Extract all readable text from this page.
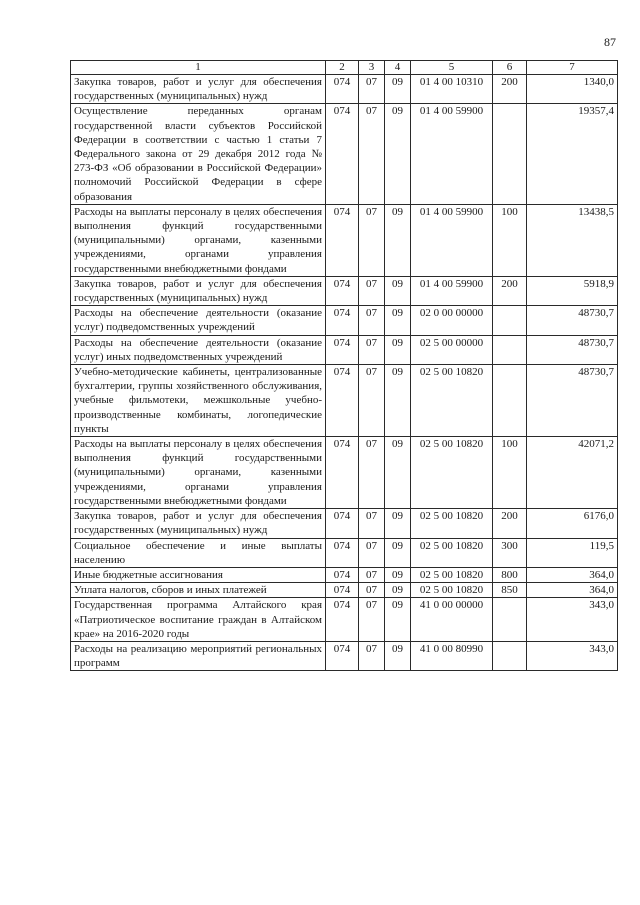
87
1	2	3	4	5	6	7
Закупка товаров, работ и услуг для обеспечения государственных (муниципальных) нужд	074	07	09	01 4 00 10310	200	1340,0
Осуществление переданных органам государственной власти субъектов Российской Федерации в соответствии с частью 1 статьи 7 Федерального закона от 29 декабря 2012 года № 273-ФЗ «Об образовании в Российской Федерации» полномочий Российской Федерации в сфере образования	074	07	09	01 4 00 59900		19357,4
Расходы на выплаты персоналу в целях обеспечения выполнения функций государственными (муниципальными) органами, казенными учреждениями, органами управления государственными внебюджетными фондами	074	07	09	01 4 00 59900	100	13438,5
Закупка товаров, работ и услуг для обеспечения государственных (муниципальных) нужд	074	07	09	01 4 00 59900	200	5918,9
Расходы на обеспечение деятельности (оказание услуг) подведомственных учреждений	074	07	09	02 0 00 00000		48730,7
Расходы на обеспечение деятельности (оказание услуг) иных подведомственных учреждений	074	07	09	02 5 00 00000		48730,7
Учебно-методические кабинеты, централизованные бухгалтерии, группы хозяйственного обслуживания, учебные фильмотеки, межшкольные учебно-производственные комбинаты, логопедические пункты	074	07	09	02 5 00 10820		48730,7
Расходы на выплаты персоналу в целях обеспечения выполнения функций государственными (муниципальными) органами, казенными учреждениями, органами управления государственными внебюджетными фондами	074	07	09	02 5 00 10820	100	42071,2
Закупка товаров, работ и услуг для обеспечения государственных (муниципальных) нужд	074	07	09	02 5 00 10820	200	6176,0
Социальное обеспечение и иные выплаты населению	074	07	09	02 5 00 10820	300	119,5
Иные бюджетные ассигнования	074	07	09	02 5 00 10820	800	364,0
Уплата налогов, сборов и иных платежей	074	07	09	02 5 00 10820	850	364,0
Государственная программа Алтайского края «Патриотическое воспитание граждан в Алтайском крае» на 2016-2020 годы	074	07	09	41 0 00 00000		343,0
Расходы на реализацию мероприятий региональных программ	074	07	09	41 0 00 80990		343,0
